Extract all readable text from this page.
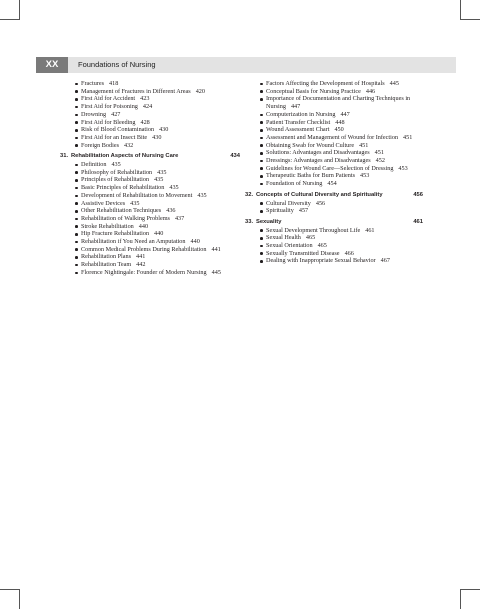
XX	Foundations of Nursing
Fractures 418
Management of Fractures in Different Areas 420
First Aid for Accident 423
First Aid for Poisoning 424
Drowning 427
First Aid for Bleeding 428
Risk of Blood Contamination 430
First Aid for an Insect Bite 430
Foreign Bodies 432
31. Rehabilitation Aspects of Nursing Care	434
Definition 435
Philosophy of Rehabilitation 435
Principles of Rehabilitation 435
Basic Principles of Rehabilitation 435
Development of Rehabilitation to Movement 435
Assistive Devices 435
Other Rehabilitation Techniques 436
Rehabilitation of Walking Problems 437
Stroke Rehabilitation 440
Hip Fracture Rehabilitation 440
Rehabilitation if You Need an Amputation 440
Common Medical Problems During Rehabilitation 441
Rehabilitation Plans 441
Rehabilitation Team 442
Florence Nightingale: Founder of Modern Nursing 445
Factors Affecting the Development of Hospitals 445
Conceptual Basis for Nursing Practice 446
Importance of Documentation and Charting Techniques in Nursing 447
Computerization in Nursing 447
Patient Transfer Checklist 448
Wound Assessment Chart 450
Assessment and Management of Wound for Infection 451
Obtaining Swab for Wound Culture 451
Solutions: Advantages and Disadvantages 451
Dressings: Advantages and Disadvantages 452
Guidelines for Wound Care—Selection of Dressing 453
Therapeutic Baths for Burn Patients 453
Foundation of Nursing 454
32. Concepts of Cultural Diversity and Spirituality	456
Cultural Diversity 456
Spirituality 457
33. Sexuality	461
Sexual Development Throughout Life 461
Sexual Health 465
Sexual Orientation 465
Sexually Transmitted Disease 466
Dealing with Inappropriate Sexual Behavior 467
